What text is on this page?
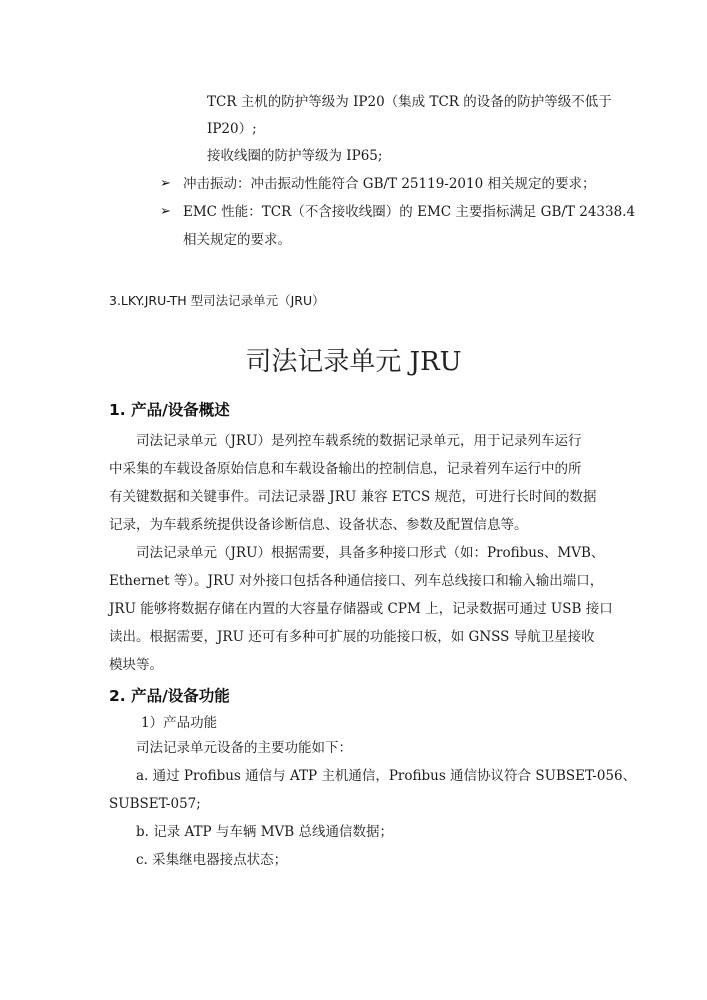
TCR 主机的防护等级为 IP20（集成 TCR 的设备的防护等级不低于
IP20）;
接收线圈的防护等级为 IP65;
➢ 冲击振动：冲击振动性能符合 GB/T 25119-2010 相关规定的要求；
➢ EMC 性能：TCR（不含接收线圈）的 EMC 主要指标满足 GB/T 24338.4
相关规定的要求。
3.LKY.JRU-TH 型司法记录单元（JRU）
司法记录单元 JRU
1. 产品/设备概述
司法记录单元（JRU）是列控车载系统的数据记录单元，用于记录列车运行
中采集的车载设备原始信息和车载设备输出的控制信息，记录着列车运行中的所
有关键数据和关键事件。司法记录器 JRU 兼容 ETCS 规范，可进行长时间的数据
记录，为车载系统提供设备诊断信息、设备状态、参数及配置信息等。
司法记录单元（JRU）根据需要，具备多种接口形式（如：Profibus、MVB、
Ethernet 等）。JRU 对外接口包括各种通信接口、列车总线接口和输入输出端口，
JRU 能够将数据存储在内置的大容量存储器或 CPM 上，记录数据可通过 USB 接口
读出。根据需要，JRU 还可有多种可扩展的功能接口板，如 GNSS 导航卫星接收
模块等。
2. 产品/设备功能
1）产品功能
司法记录单元设备的主要功能如下：
a. 通过 Profibus 通信与 ATP 主机通信，Profibus 通信协议符合 SUBSET-056、
SUBSET-057;
b. 记录 ATP 与车辆 MVB 总线通信数据；
c. 采集继电器接点状态；
